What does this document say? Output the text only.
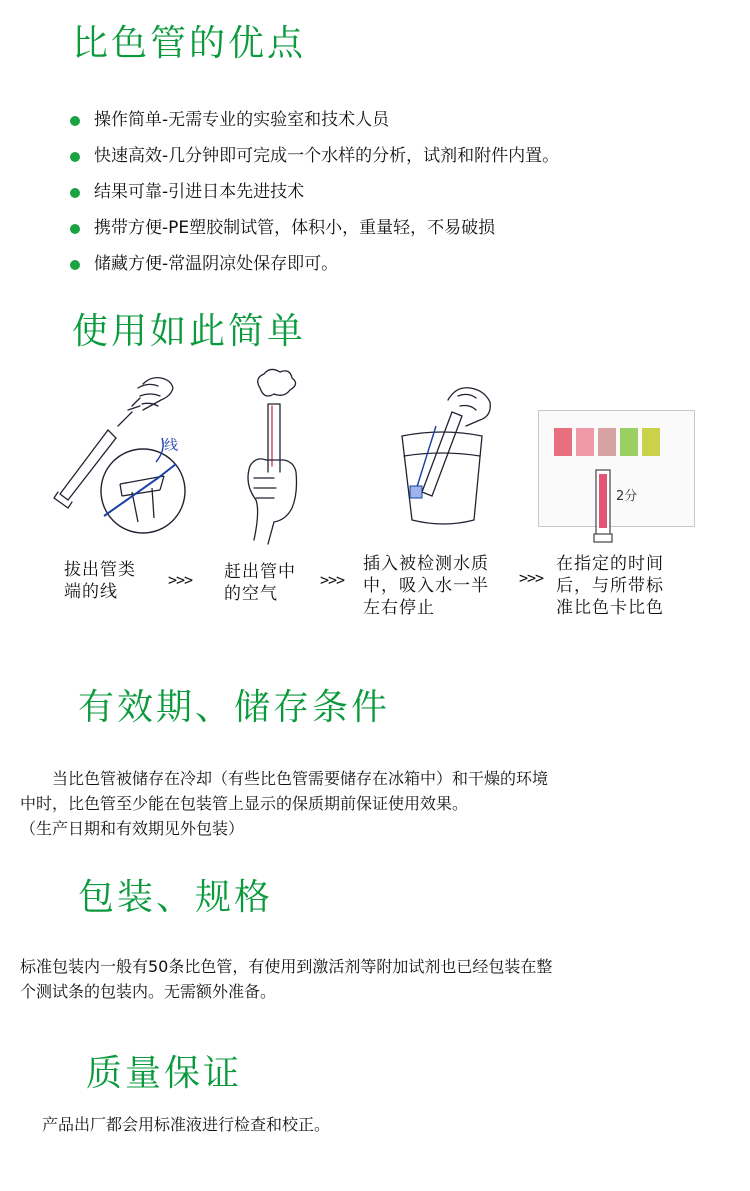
比色管的优点
操作简单-无需专业的实验室和技术人员
快速高效-几分钟即可完成一个水样的分析，试剂和附件内置。
结果可靠-引进日本先进技术
携带方便-PE塑胶制试管，体积小，重量轻，不易破损
储藏方便-常温阴凉处保存即可。
使用如此简单
线
2分
拔出管类
端的线
>>> 赶出管中
的空气
>>>
插入被检测水质
中，吸入水一半
左右停止
>>>
在指定的时间
后，与所带标
准比色卡比色
有效期、储存条件
　　当比色管被储存在冷却（有些比色管需要储存在冰箱中）和干燥的环境
中时，比色管至少能在包装管上显示的保质期前保证使用效果。
（生产日期和有效期见外包装）
包装、规格
标准包装内一般有50条比色管，有使用到激活剂等附加试剂也已经包装在整
个测试条的包装内。无需额外准备。
质量保证
产品出厂都会用标准液进行检查和校正。
